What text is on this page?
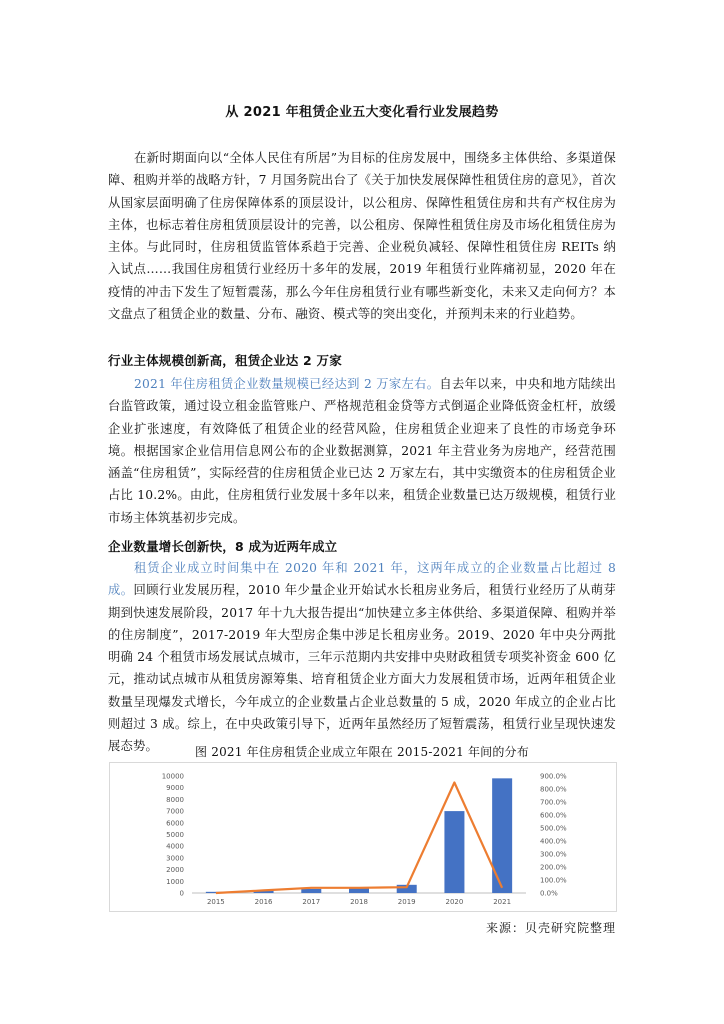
从 2021 年租赁企业五大变化看行业发展趋势

在新时期面向以“全体人民住有所居”为目标的住房发展中，围绕多主体供给、多渠道保障、租购并举的战略方针，7 月国务院出台了《关于加快发展保障性租赁住房的意见》，首次从国家层面明确了住房保障体系的顶层设计，以公租房、保障性租赁住房和共有产权住房为主体，也标志着住房租赁顶层设计的完善，以公租房、保障性租赁住房及市场化租赁住房为主体。与此同时，住房租赁监管体系趋于完善、企业税负减轻、保障性租赁住房 REITs 纳入试点……我国住房租赁行业经历十多年的发展，2019 年租赁行业阵痛初显，2020 年在疫情的冲击下发生了短暂震荡，那么今年住房租赁行业有哪些新变化，未来又走向何方？本文盘点了租赁企业的数量、分布、融资、模式等的突出变化，并预判未来的行业趋势。

行业主体规模创新高，租赁企业达 2 万家

2021 年住房租赁企业数量规模已经达到 2 万家左右。自去年以来，中央和地方陆续出台监管政策，通过设立租金监管账户、严格规范租金贷等方式倒逼企业降低资金杠杆，放缓企业扩张速度，有效降低了租赁企业的经营风险，住房租赁企业迎来了良性的市场竞争环境。根据国家企业信用信息网公布的企业数据测算，2021 年主营业务为房地产，经营范围涵盖“住房租赁”，实际经营的住房租赁企业已达 2 万家左右，其中实缴资本的住房租赁企业占比 10.2%。由此，住房租赁行业发展十多年以来，租赁企业数量已达万级规模，租赁行业市场主体筑基初步完成。

企业数量增长创新快，8 成为近两年成立

租赁企业成立时间集中在 2020 年和 2021 年，这两年成立的企业数量占比超过 8 成。回顾行业发展历程，2010 年少量企业开始试水长租房业务后，租赁行业经历了从萌芽期到快速发展阶段，2017 年十九大报告提出“加快建立多主体供给、多渠道保障、租购并举的住房制度”，2017-2019 年大型房企集中涉足长租房业务。2019、2020 年中央分两批明确 24 个租赁市场发展试点城市，三年示范期内共安排中央财政租赁专项奖补资金 600 亿元，推动试点城市从租赁房源筹集、培育租赁企业方面大力发展租赁市场，近两年租赁企业数量呈现爆发式增长，今年成立的企业数量占企业总数量的 5 成，2020 年成立的企业占比则超过 3 成。综上，在中央政策引导下，近两年虽然经历了短暂震荡，租赁行业呈现快速发展态势。	图 2021 年住房租赁企业成立年限在 2015-2021 年间的分布
0
1000
2000
3000
4000
5000
6000
7000
8000
9000
10000
0.0%
100.0%
200.0%
300.0%
400.0%
500.0%
600.0%
700.0%
800.0%
900.0%
2015	2016	2017	2018	2019	2020	2021
来源：贝壳研究院整理
